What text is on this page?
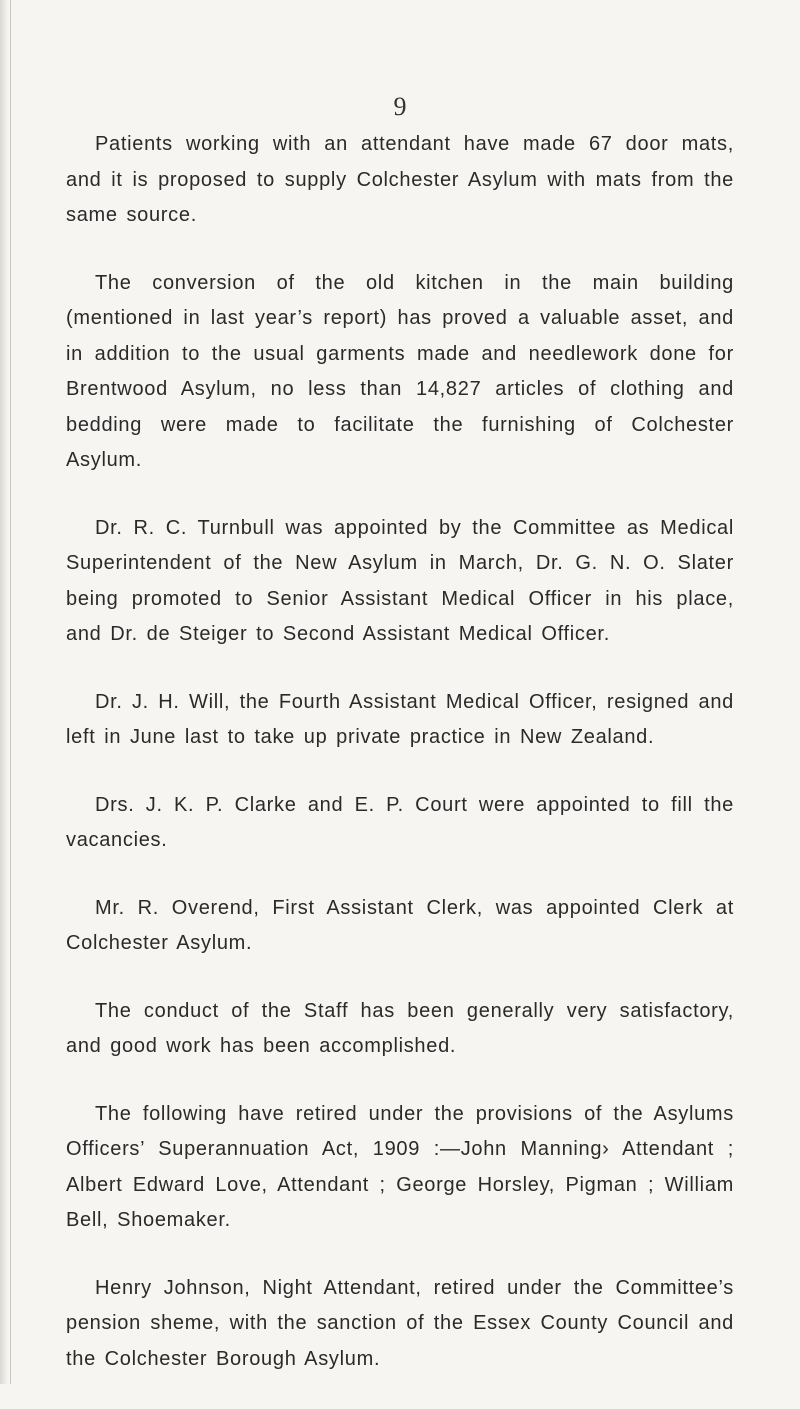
9

Patients working with an attendant have made 67 door mats, and it is proposed to supply Colchester Asylum with mats from the same source.

The conversion of the old kitchen in the main building (mentioned in last year’s report) has proved a valuable asset, and in addition to the usual garments made and needlework done for Brentwood Asylum, no less than 14,827 articles of clothing and bedding were made to facilitate the furnishing of Colchester Asylum.

Dr. R. C. Turnbull was appointed by the Committee as Medical Superintendent of the New Asylum in March, Dr. G. N. O. Slater being promoted to Senior Assistant Medical Officer in his place, and Dr. de Steiger to Second Assistant Medical Officer.

Dr. J. H. Will, the Fourth Assistant Medical Officer, resigned and left in June last to take up private practice in New Zealand.

Drs. J. K. P. Clarke and E. P. Court were appointed to fill the vacancies.

Mr. R. Overend, First Assistant Clerk, was appointed Clerk at Colchester Asylum.

The conduct of the Staff has been generally very satisfactory, and good work has been accomplished.

The following have retired under the provisions of the Asylums Officers’ Superannuation Act, 1909 :—John Manning› Attendant ; Albert Edward Love, Attendant ; George Horsley, Pigman ; William Bell, Shoemaker.

Henry Johnson, Night Attendant, retired under the Committee’s pension sheme, with the sanction of the Essex County Council and the Colchester Borough Asylum.
